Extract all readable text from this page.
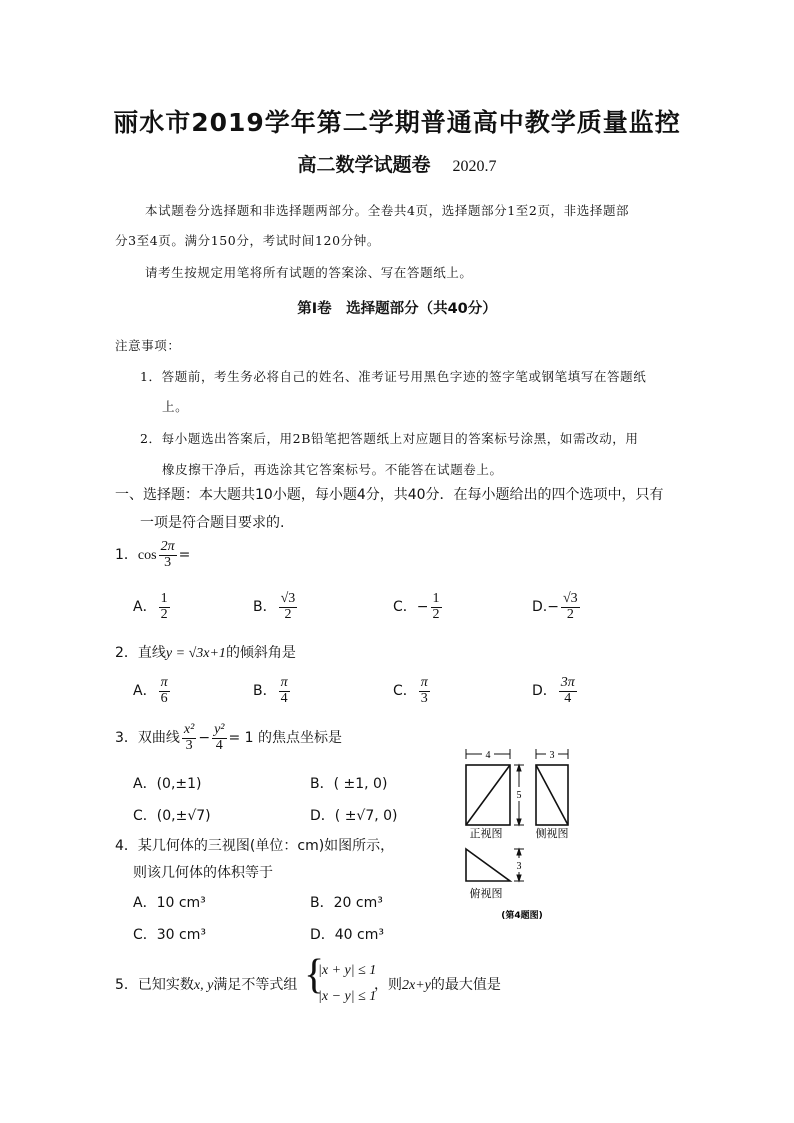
丽水市2019学年第二学期普通高中教学质量监控
高二数学试题卷 2020.7
本试题卷分选择题和非选择题两部分。全卷共4页，选择题部分1至2页，非选择题部
分3至4页。满分150分，考试时间120分钟。
请考生按规定用笔将所有试题的答案涂、写在答题纸上。
第Ⅰ卷　选择题部分（共40分）
注意事项：
1．答题前，考生务必将自己的姓名、准考证号用黑色字迹的签字笔或钢笔填写在答题纸
上。
2．每小题选出答案后，用2B铅笔把答题纸上对应题目的答案标号涂黑，如需改动，用
橡皮擦干净后，再选涂其它答案标号。不能答在试题卷上。
一、选择题：本大题共10小题，每小题4分，共40分．在每小题给出的四个选项中，只有
一项是符合题目要求的.
1．$\cos \frac{2\pi}{3}$ =
A． $\frac{1}{2}$	B． $\frac{√3}{2}$	C．− $\frac{1}{2}$	$D.- \frac{√3}{2}$
2．直线y = √3x+1的倾斜角是
A． $\frac{\pi}{6}$	B． $\frac{\pi}{4}$	C． $\frac{\pi}{3}$	D． $\frac{3\pi}{4}$
3．双曲线 $\frac{\text{x²}}{3} - \frac{\text{y²}}{4} = 1$ 的焦点坐标是
A．(0,±1)	B．( ±1, 0)
C．(0,±√7)	D．( ±√7, 0)
4．某几何体的三视图(单位：cm)如图所示，
则该几何体的体积等于
A．10 cm³	B．20 cm³
C．30 cm³	D．40 cm³
4	3
5
正视图	侧视图
3
俯视图
(第4题图)
5．已知实数x, y满足不等式组 {
|x + y| ≤ 1
|x − y| ≤ 1
，则2x+y的最大值是
